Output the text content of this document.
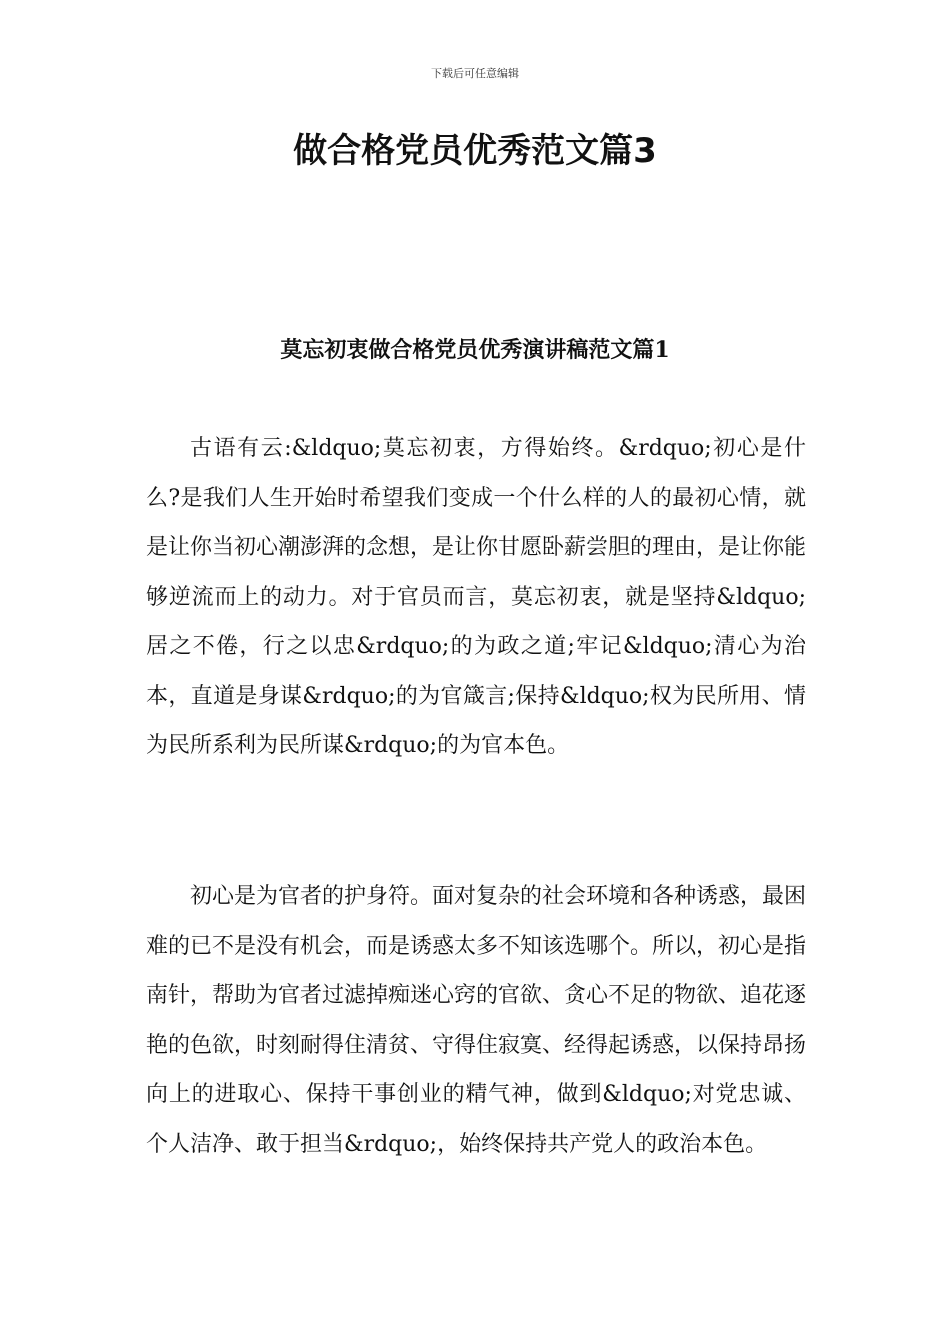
下载后可任意编辑
做合格党员优秀范文篇3
莫忘初衷做合格党员优秀演讲稿范文篇1

古语有云:&ldquo;莫忘初衷，方得始终。&rdquo;初心是什么?是我们人生开始时希望我们变成一个什么样的人的最初心情，就是让你当初心潮澎湃的念想，是让你甘愿卧薪尝胆的理由，是让你能够逆流而上的动力。对于官员而言，莫忘初衷，就是坚持&ldquo;居之不倦，行之以忠&rdquo;的为政之道;牢记&ldquo;清心为治本，直道是身谋&rdquo;的为官箴言;保持&ldquo;权为民所用、情为民所系利为民所谋&rdquo;的为官本色。

初心是为官者的护身符。面对复杂的社会环境和各种诱惑，最困难的已不是没有机会，而是诱惑太多不知该选哪个。所以，初心是指南针，帮助为官者过滤掉痴迷心窍的官欲、贪心不足的物欲、追花逐艳的色欲，时刻耐得住清贫、守得住寂寞、经得起诱惑，以保持昂扬向上的进取心、保持干事创业的精气神，做到&ldquo;对党忠诚、个人洁净、敢于担当&rdquo;，始终保持共产党人的政治本色。
